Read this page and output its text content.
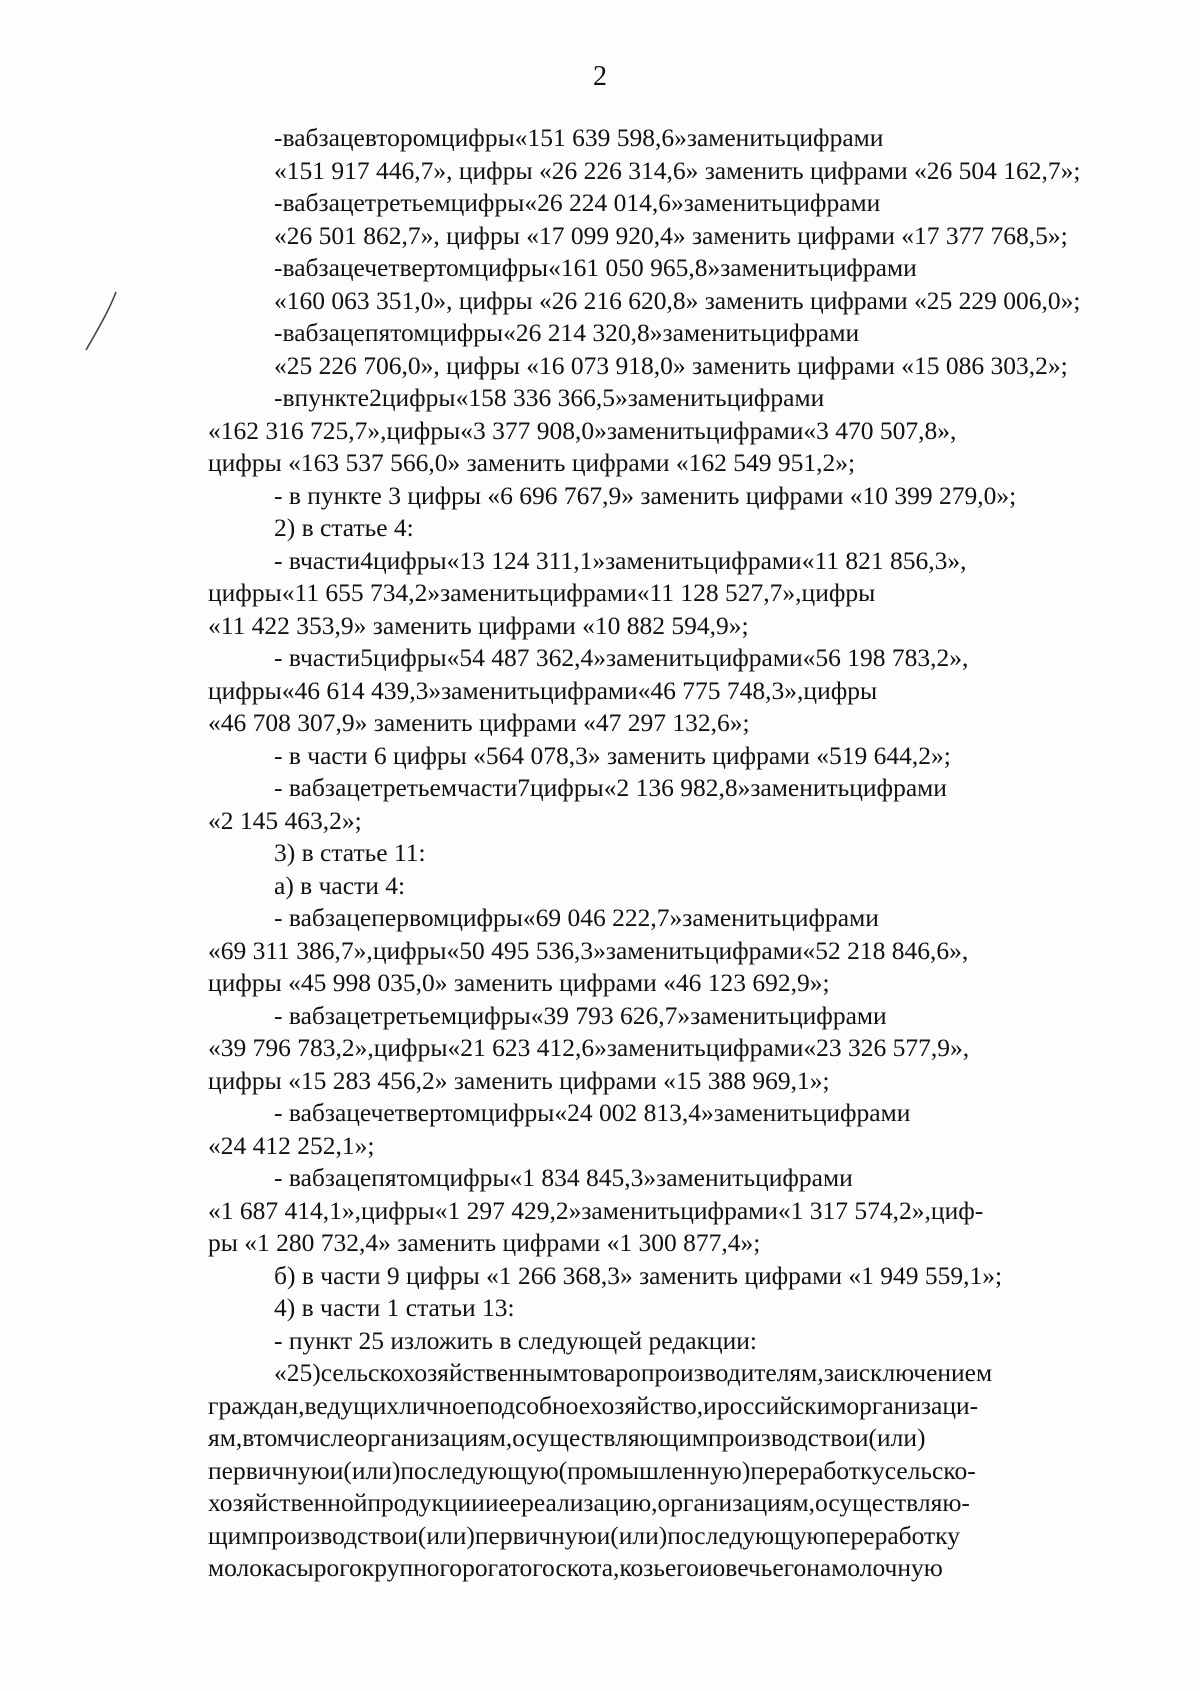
2

-вабзацевторомцифры«151 639 598,6»заменитьцифрами
«151 917 446,7», цифры «26 226 314,6» заменить цифрами «26 504 162,7»;

-вабзацетретьемцифры«26 224 014,6»заменитьцифрами
«26 501 862,7», цифры «17 099 920,4» заменить цифрами «17 377 768,5»;

-вабзацечетвертомцифры«161 050 965,8»заменитьцифрами
«160 063 351,0», цифры «26 216 620,8» заменить цифрами «25 229 006,0»;

-вабзацепятомцифры«26 214 320,8»заменитьцифрами
«25 226 706,0», цифры «16 073 918,0» заменить цифрами «15 086 303,2»;

-впункте2цифры«158 336 366,5»заменитьцифрами
«162 316 725,7»,цифры«3 377 908,0»заменитьцифрами«3 470 507,8»,
цифры «163 537 566,0» заменить цифрами «162 549 951,2»;

- в пункте 3 цифры «6 696 767,9» заменить цифрами «10 399 279,0»;

2) в статье 4:

- вчасти4цифры«13 124 311,1»заменитьцифрами«11 821 856,3»,
цифры«11 655 734,2»заменитьцифрами«11 128 527,7»,цифры
«11 422 353,9» заменить цифрами «10 882 594,9»;

- вчасти5цифры«54 487 362,4»заменитьцифрами«56 198 783,2»,
цифры«46 614 439,3»заменитьцифрами«46 775 748,3»,цифры
«46 708 307,9» заменить цифрами «47 297 132,6»;

- в части 6 цифры «564 078,3» заменить цифрами «519 644,2»;

- вабзацетретьемчасти7цифры«2 136 982,8»заменитьцифрами
«2 145 463,2»;

3) в статье 11:

а) в части 4:

- вабзацепервомцифры«69 046 222,7»заменитьцифрами
«69 311 386,7»,цифры«50 495 536,3»заменитьцифрами«52 218 846,6»,
цифры «45 998 035,0» заменить цифрами «46 123 692,9»;

- вабзацетретьемцифры«39 793 626,7»заменитьцифрами
«39 796 783,2»,цифры«21 623 412,6»заменитьцифрами«23 326 577,9»,
цифры «15 283 456,2» заменить цифрами «15 388 969,1»;

- вабзацечетвертомцифры«24 002 813,4»заменитьцифрами
«24 412 252,1»;

- вабзацепятомцифры«1 834 845,3»заменитьцифрами
«1 687 414,1»,цифры«1 297 429,2»заменитьцифрами«1 317 574,2»,циф-
ры «1 280 732,4» заменить цифрами «1 300 877,4»;

б) в части 9 цифры «1 266 368,3» заменить цифрами «1 949 559,1»;

4) в части 1 статьи 13:

- пункт 25 изложить в следующей редакции:

«25)сельскохозяйственнымтоваропроизводителям,заисключением
граждан,ведущихличноеподсобноехозяйство,ироссийскиморганизаци-
ям,втомчислеорганизациям,осуществляющимпроизводствои(или)
первичнуюи(или)последующую(промышленную)переработкусельско-
хозяйственнойпродукциииеереализацию,организациям,осуществляю-
щимпроизводствои(или)первичнуюи(или)последующуюпереработку
молокасырогокрупногорогатогоскота,козьегоиовечьегонамолочную
